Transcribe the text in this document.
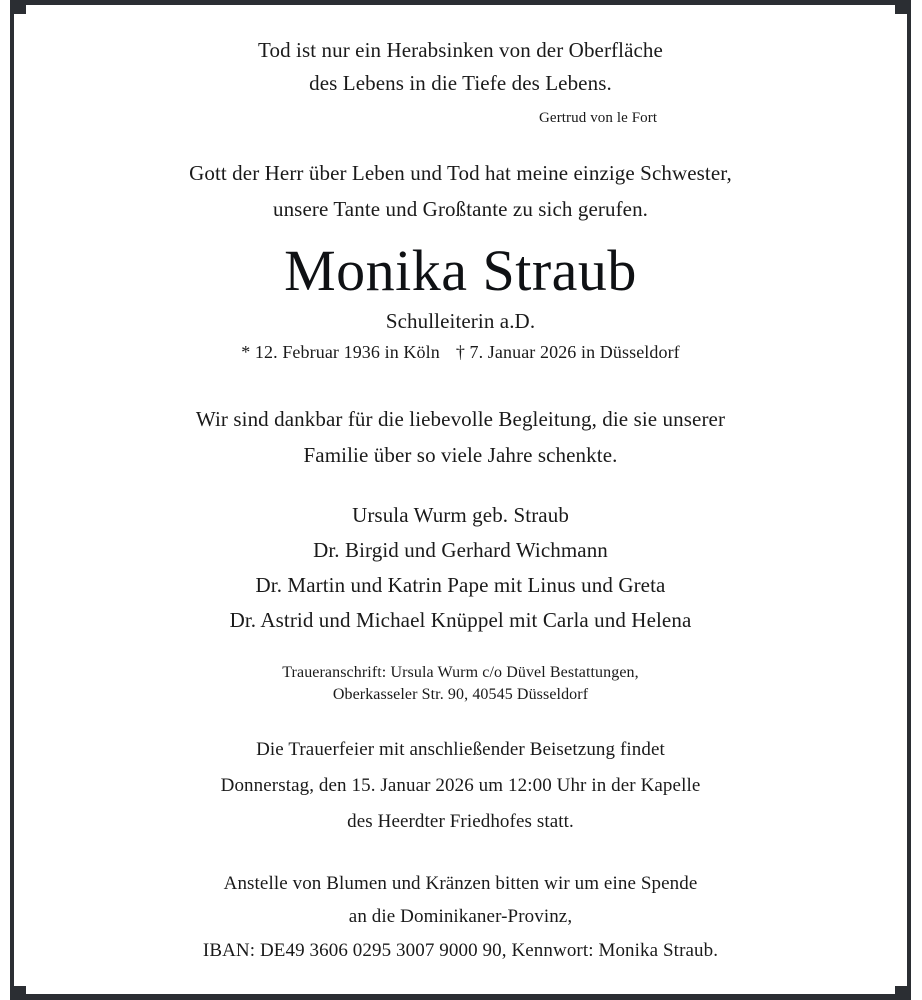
Tod ist nur ein Herabsinken von der Oberfläche
des Lebens in die Tiefe des Lebens.
Gertrud von le Fort
Gott der Herr über Leben und Tod hat meine einzige Schwester,
unsere Tante und Großtante zu sich gerufen.
Monika Straub
Schulleiterin a.D.
* 12. Februar 1936 in Köln † 7. Januar 2026 in Düsseldorf
Wir sind dankbar für die liebevolle Begleitung, die sie unserer
Familie über so viele Jahre schenkte.
Ursula Wurm geb. Straub
Dr. Birgid und Gerhard Wichmann
Dr. Martin und Katrin Pape mit Linus und Greta
Dr. Astrid und Michael Knüppel mit Carla und Helena
Traueranschrift: Ursula Wurm c/o Düvel Bestattungen,
Oberkasseler Str. 90, 40545 Düsseldorf
Die Trauerfeier mit anschließender Beisetzung findet
Donnerstag, den 15. Januar 2026 um 12:00 Uhr in der Kapelle
des Heerdter Friedhofes statt.
Anstelle von Blumen und Kränzen bitten wir um eine Spende
an die Dominikaner-Provinz,
IBAN: DE49 3606 0295 3007 9000 90, Kennwort: Monika Straub.
